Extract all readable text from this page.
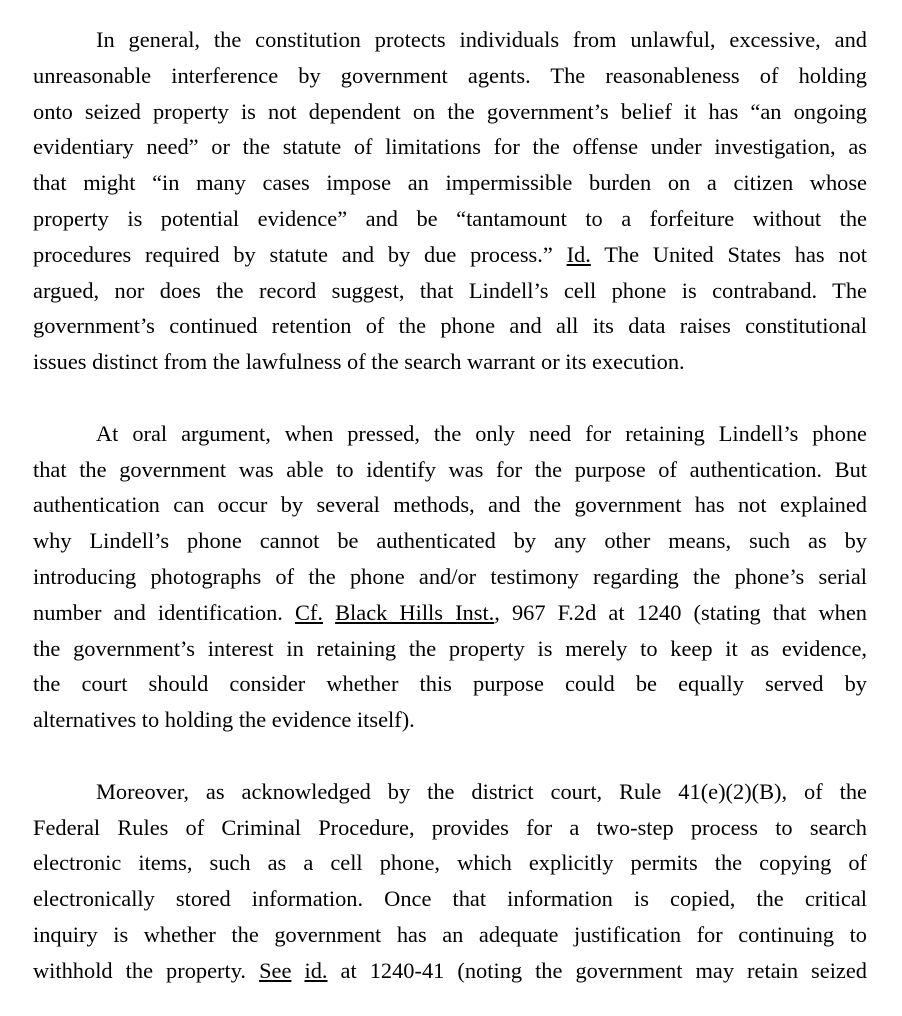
In general, the constitution protects individuals from unlawful, excessive, and
unreasonable interference by government agents. The reasonableness of holding
onto seized property is not dependent on the government’s belief it has “an ongoing
evidentiary need” or the statute of limitations for the offense under investigation, as
that might “in many cases impose an impermissible burden on a citizen whose
property is potential evidence” and be “tantamount to a forfeiture without the
procedures required by statute and by due process.” Id. The United States has not
argued, nor does the record suggest, that Lindell’s cell phone is contraband. The
government’s continued retention of the phone and all its data raises constitutional
issues distinct from the lawfulness of the search warrant or its execution.
At oral argument, when pressed, the only need for retaining Lindell’s phone
that the government was able to identify was for the purpose of authentication. But
authentication can occur by several methods, and the government has not explained
why Lindell’s phone cannot be authenticated by any other means, such as by
introducing photographs of the phone and/or testimony regarding the phone’s serial
number and identification. Cf. Black Hills Inst., 967 F.2d at 1240 (stating that when
the government’s interest in retaining the property is merely to keep it as evidence,
the court should consider whether this purpose could be equally served by
alternatives to holding the evidence itself).
Moreover, as acknowledged by the district court, Rule 41(e)(2)(B), of the
Federal Rules of Criminal Procedure, provides for a two-step process to search
electronic items, such as a cell phone, which explicitly permits the copying of
electronically stored information. Once that information is copied, the critical
inquiry is whether the government has an adequate justification for continuing to
withhold the property. See id. at 1240-41 (noting the government may retain seized
